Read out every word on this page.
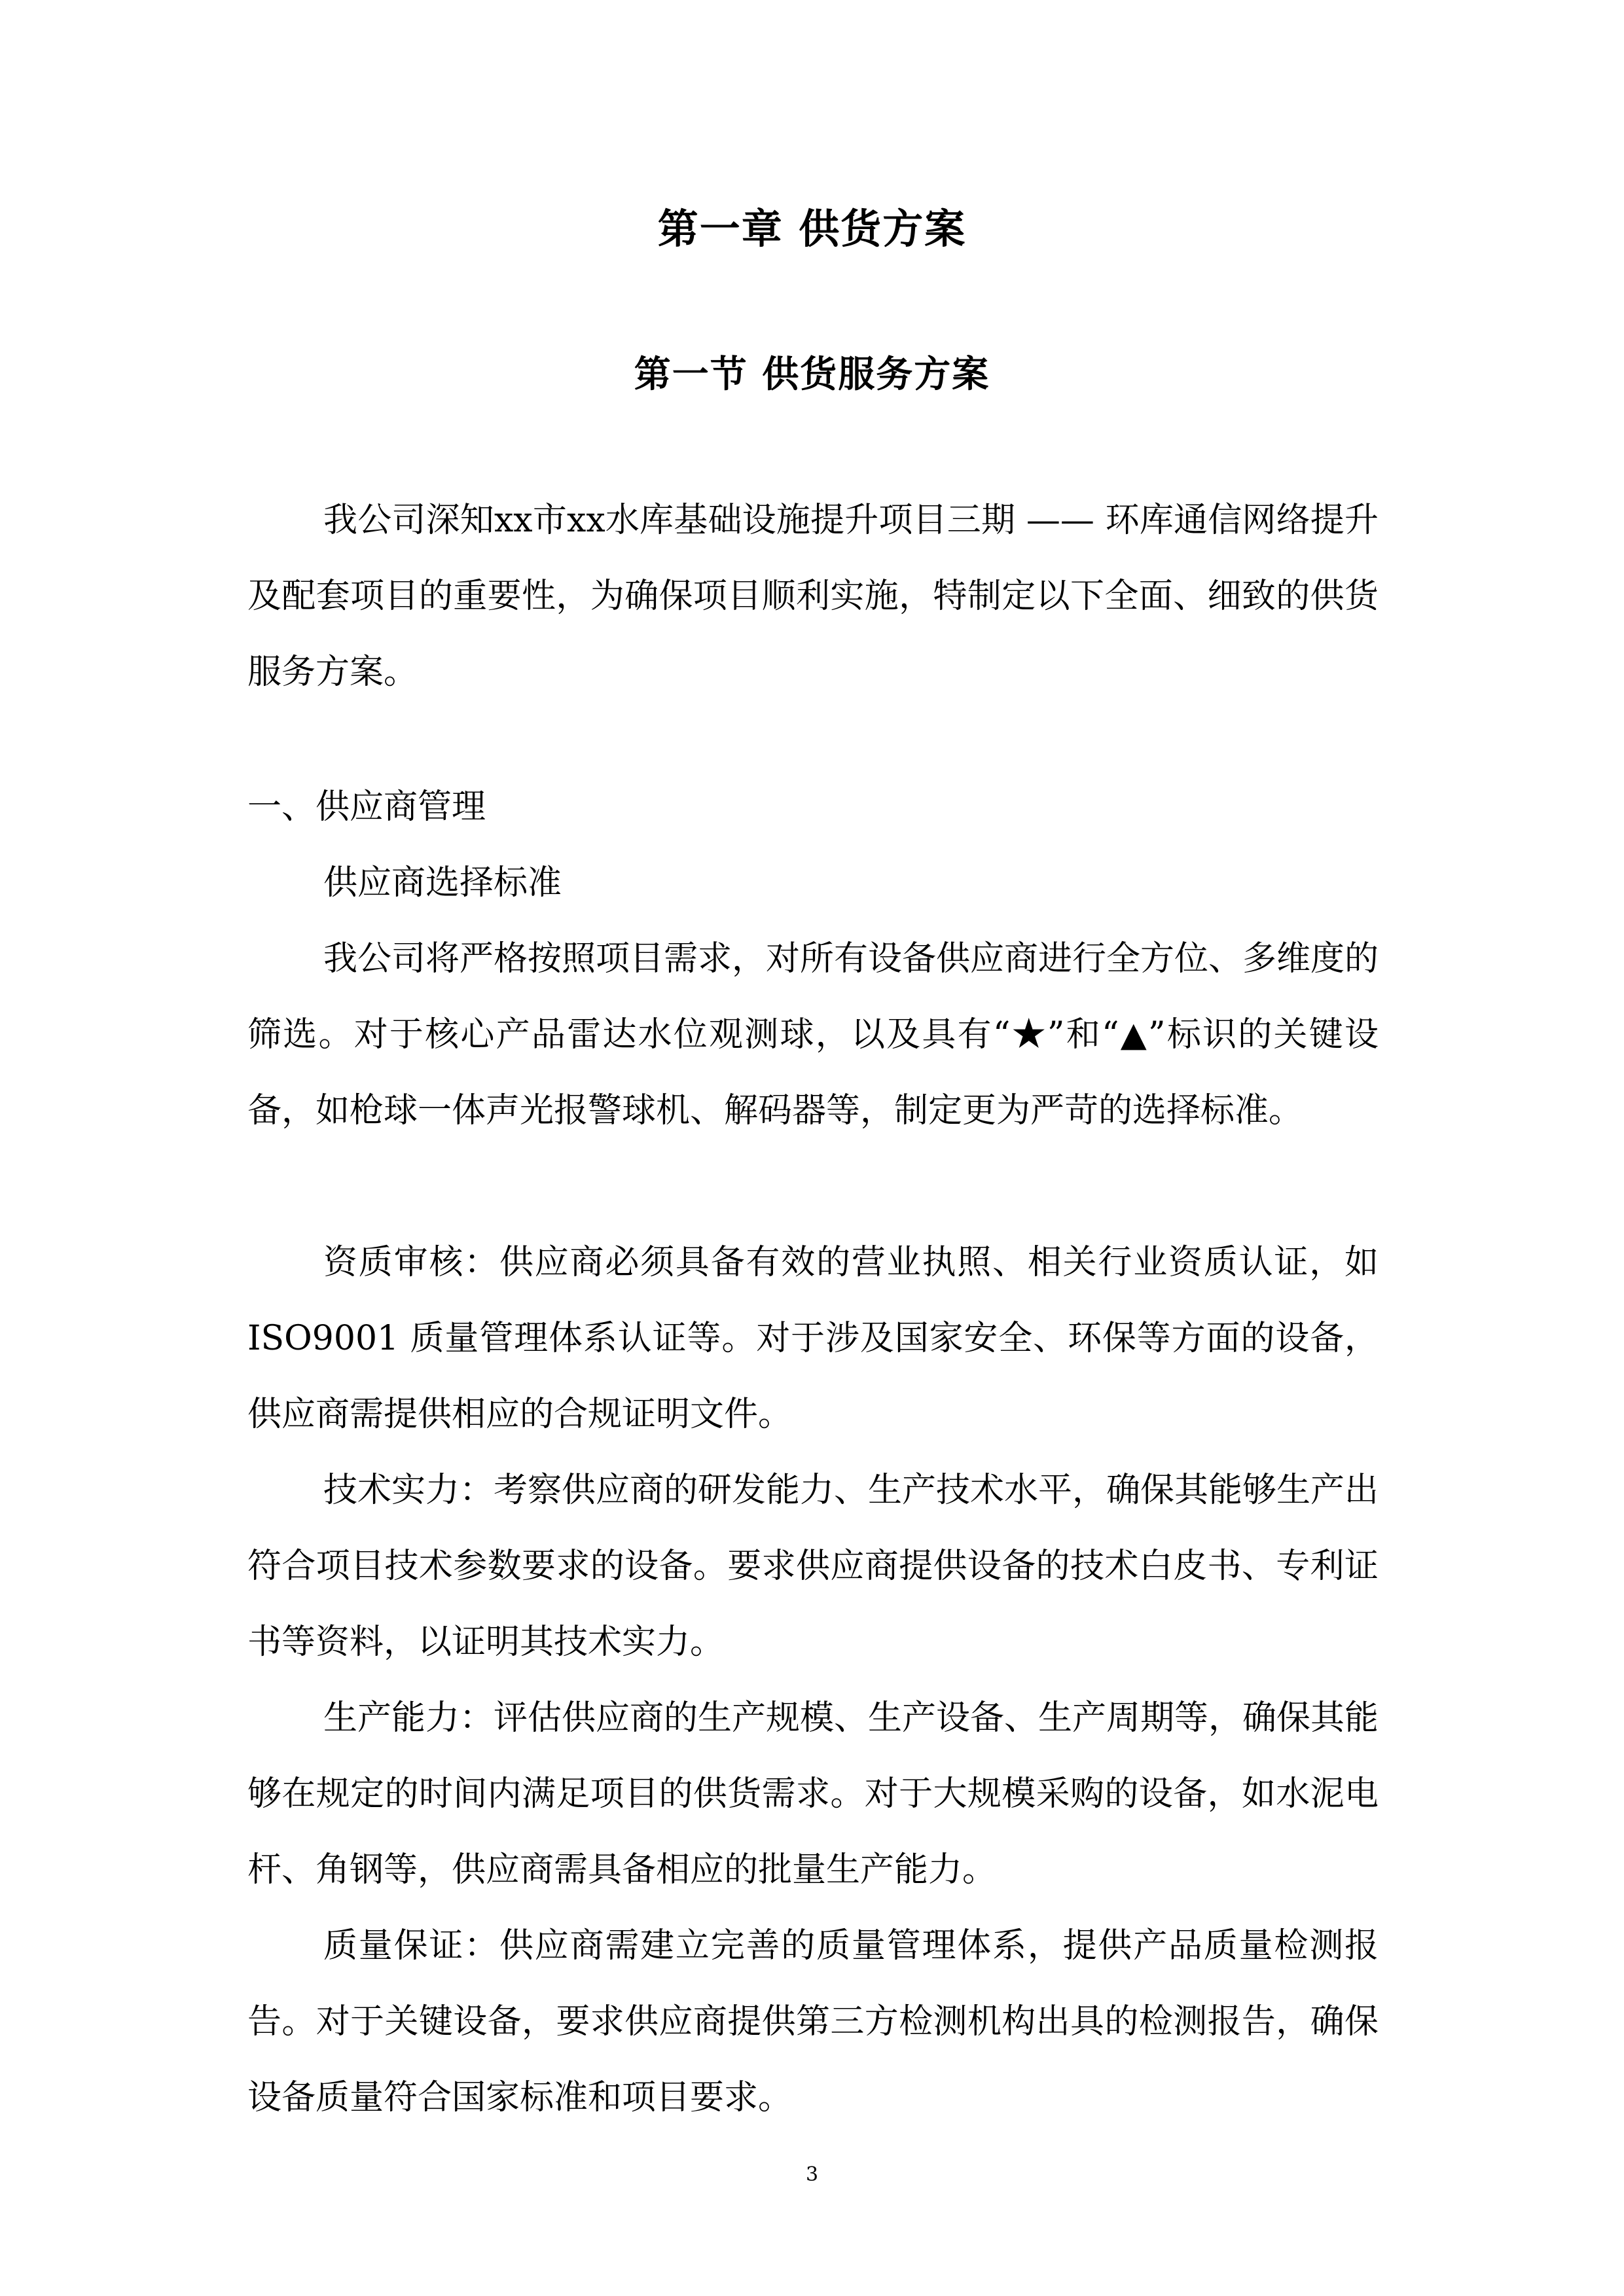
第一章 供货方案
第一节 供货服务方案

我公司深知xx市xx水库基础设施提升项目三期 —— 环库通信网络提升及配套项目的重要性，为确保项目顺利实施，特制定以下全面、细致的供货服务方案。

一、供应商管理

供应商选择标准

我公司将严格按照项目需求，对所有设备供应商进行全方位、多维度的筛选。对于核心产品雷达水位观测球，以及具有“★”和“▲”标识的关键设备，如枪球一体声光报警球机、解码器等，制定更为严苛的选择标准。

资质审核：供应商必须具备有效的营业执照、相关行业资质认证，如 ISO9001 质量管理体系认证等。对于涉及国家安全、环保等方面的设备，供应商需提供相应的合规证明文件。

技术实力：考察供应商的研发能力、生产技术水平，确保其能够生产出符合项目技术参数要求的设备。要求供应商提供设备的技术白皮书、专利证书等资料，以证明其技术实力。

生产能力：评估供应商的生产规模、生产设备、生产周期等，确保其能够在规定的时间内满足项目的供货需求。对于大规模采购的设备，如水泥电杆、角钢等，供应商需具备相应的批量生产能力。

质量保证：供应商需建立完善的质量管理体系，提供产品质量检测报告。对于关键设备，要求供应商提供第三方检测机构出具的检测报告，确保设备质量符合国家标准和项目要求。

3
